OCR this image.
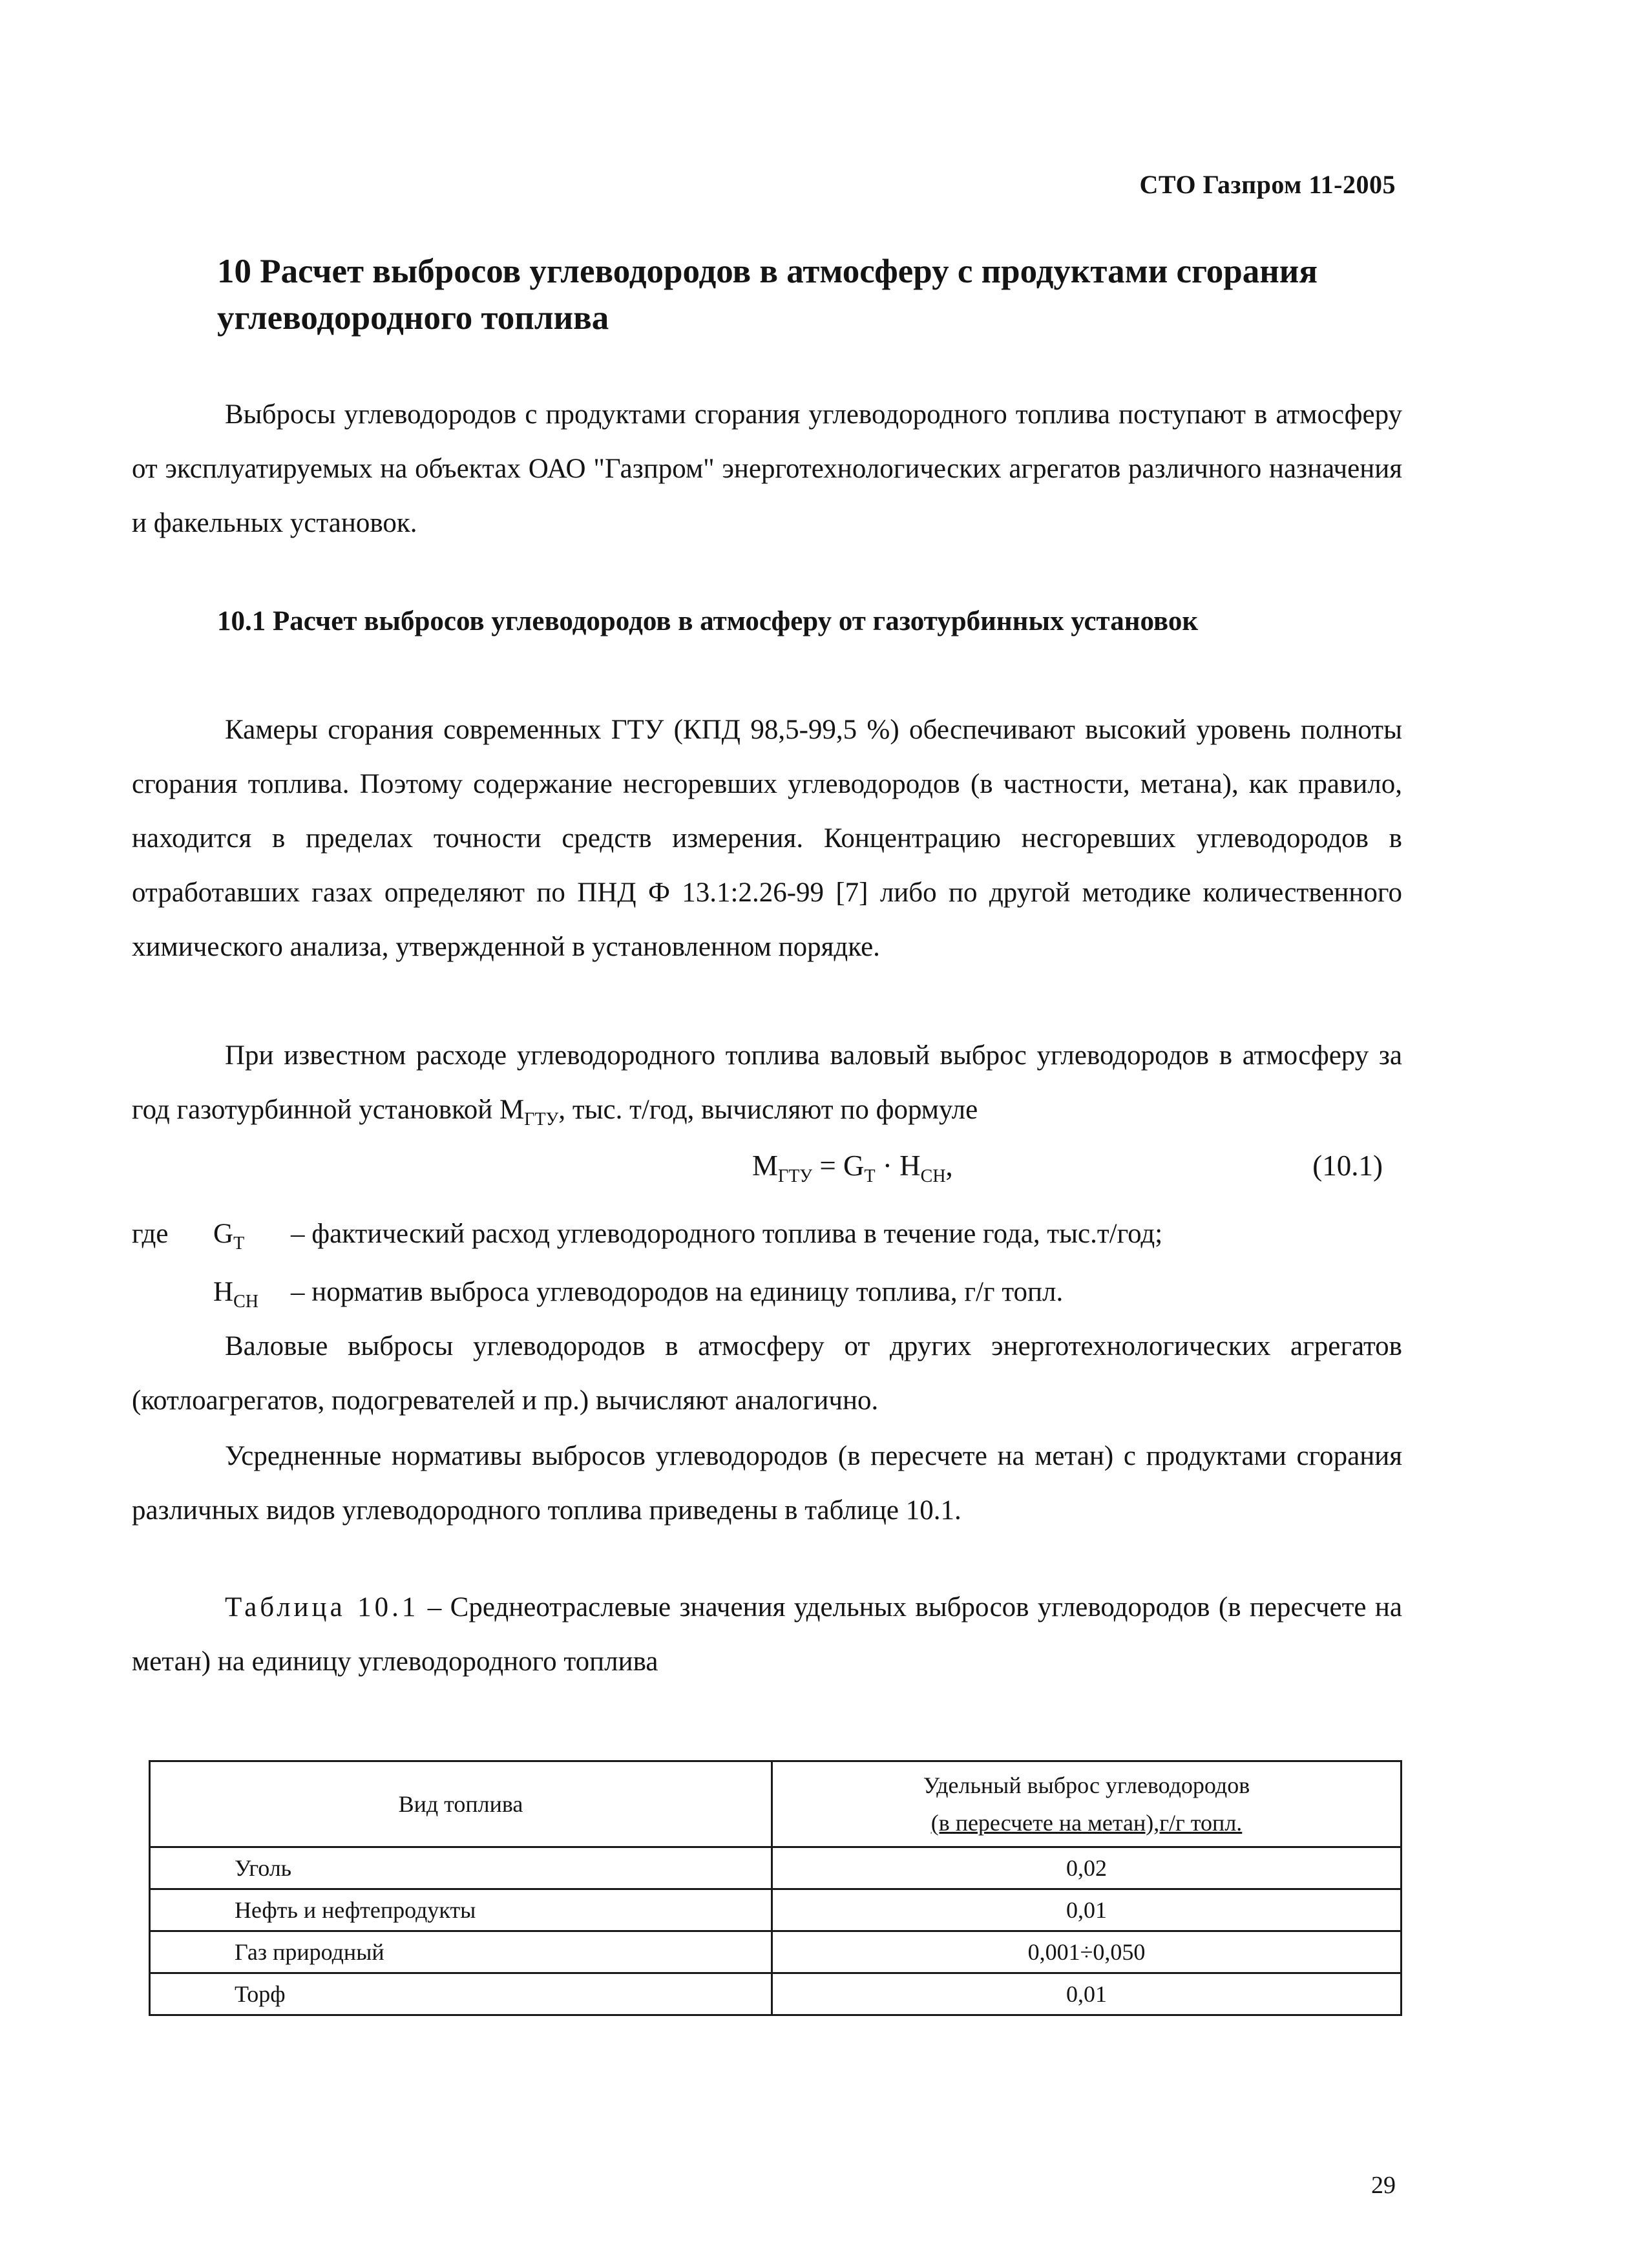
СТО Газпром 11-2005
10 Расчет выбросов углеводородов в атмосферу с продуктами сгорания углеводородного топлива

Выбросы углеводородов с продуктами сгорания углеводородного топлива поступают в атмосферу от эксплуатируемых на объектах ОАО "Газпром" энерготехнологических агрегатов различного назначения и факельных установок.

10.1 Расчет выбросов углеводородов в атмосферу от газотурбинных установок

Камеры сгорания современных ГТУ (КПД 98,5-99,5 %) обеспечивают высокий уровень полноты сгорания топлива. Поэтому содержание несгоревших углеводородов (в частности, метана), как правило, находится в пределах точности средств измерения. Концентрацию несгоревших углеводородов в отработавших газах определяют по ПНД Ф 13.1:2.26-99 [7] либо по другой методике количественного химического анализа, утвержденной в установленном порядке.

При известном расходе углеводородного топлива валовый выброс углеводородов в атмосферу за год газотурбинной установкой $М_{ГТУ}$, тыс. т/год, вычисляют по формуле

$М_{ГТУ} = G_Т \cdot Н_{СН}$,	(10.1)
где $G_Т$ – фактический расход углеводородного топлива в течение года, тыс.т/год;
$Н_{СН}$ – норматив выброса углеводородов на единицу топлива, г/г топл.

Валовые выбросы углеводородов в атмосферу от других энерготехнологических агрегатов (котлоагрегатов, подогревателей и пр.) вычисляют аналогично.

Усредненные нормативы выбросов углеводородов (в пересчете на метан) с продуктами сгорания различных видов углеводородного топлива приведены в таблице 10.1.

Таблица 10.1 – Среднеотраслевые значения удельных выбросов углеводородов (в пересчете на метан) на единицу углеводородного топлива

Вид топлива	Удельный выброс углеводородов
(в пересчете на метан),г/г топл.

Уголь	0,02
Нефть и нефтепродукты	0,01
Газ природный	0,001÷0,050
Торф	0,01
29
